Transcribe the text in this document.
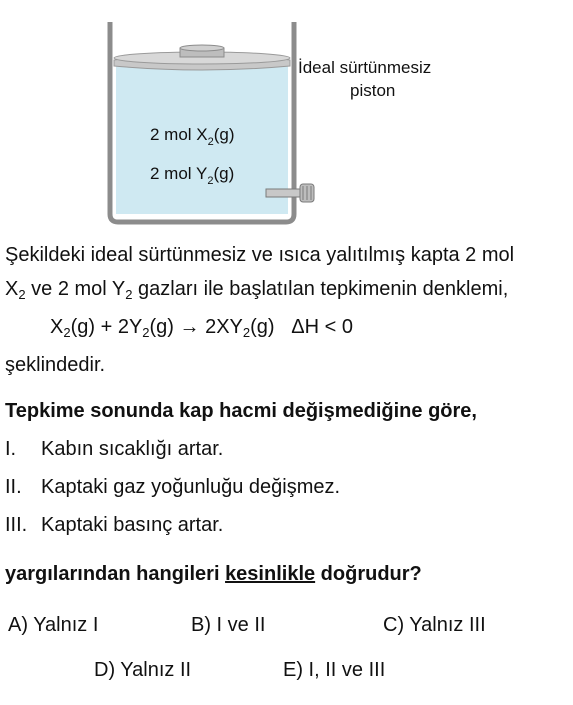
2 mol $X_2(g)$
2 mol $Y_2(g)$
İdeal sürtünmesiz
piston
Şekildeki ideal sürtünmesiz ve ısıca yalıtılmış kapta 2 mol
$X_2$ ve 2 mol $Y_2$ gazları ile başlatılan tepkimenin denklemi,
$X_2(g) + 2Y_2(g) \to 2XY_2(g) \Delta H < 0$
şeklindedir.
Tepkime sonunda kap hacmi değişmediğine göre,
I. Kabın sıcaklığı artar.
II. Kaptaki gaz yoğunluğu değişmez.
III. Kaptaki basınç artar.
yargılarından hangileri kesinlikle doğrudur?
A) Yalnız I	B) I ve II	C) Yalnız III
D) Yalnız II	E) I, II ve III
